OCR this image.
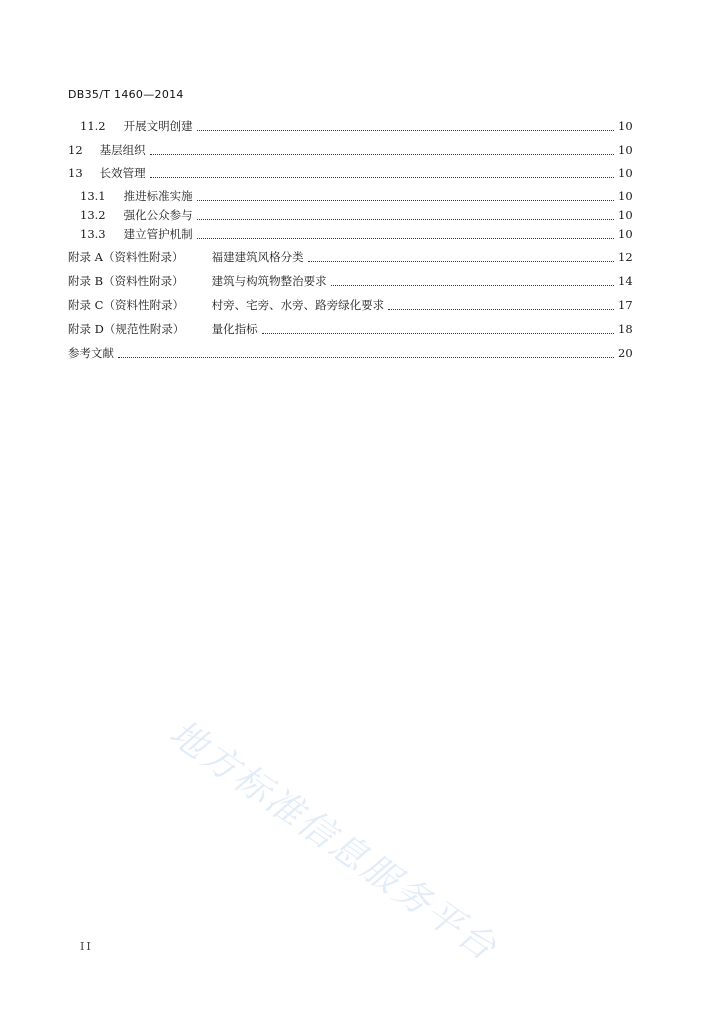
DB35/T 1460—2014
11.2 开展文明创建	10
12 基层组织	10
13 长效管理	10
13.1 推进标准实施	10
13.2 强化公众参与	10
13.3 建立管护机制	10
附录 A（资料性附录） 福建建筑风格分类	12
附录 B（资料性附录） 建筑与构筑物整治要求	14
附录 C（资料性附录） 村旁、宅旁、水旁、路旁绿化要求	17
附录 D（规范性附录） 量化指标	18
参考文献	20
地方标准信息服务平台
II
